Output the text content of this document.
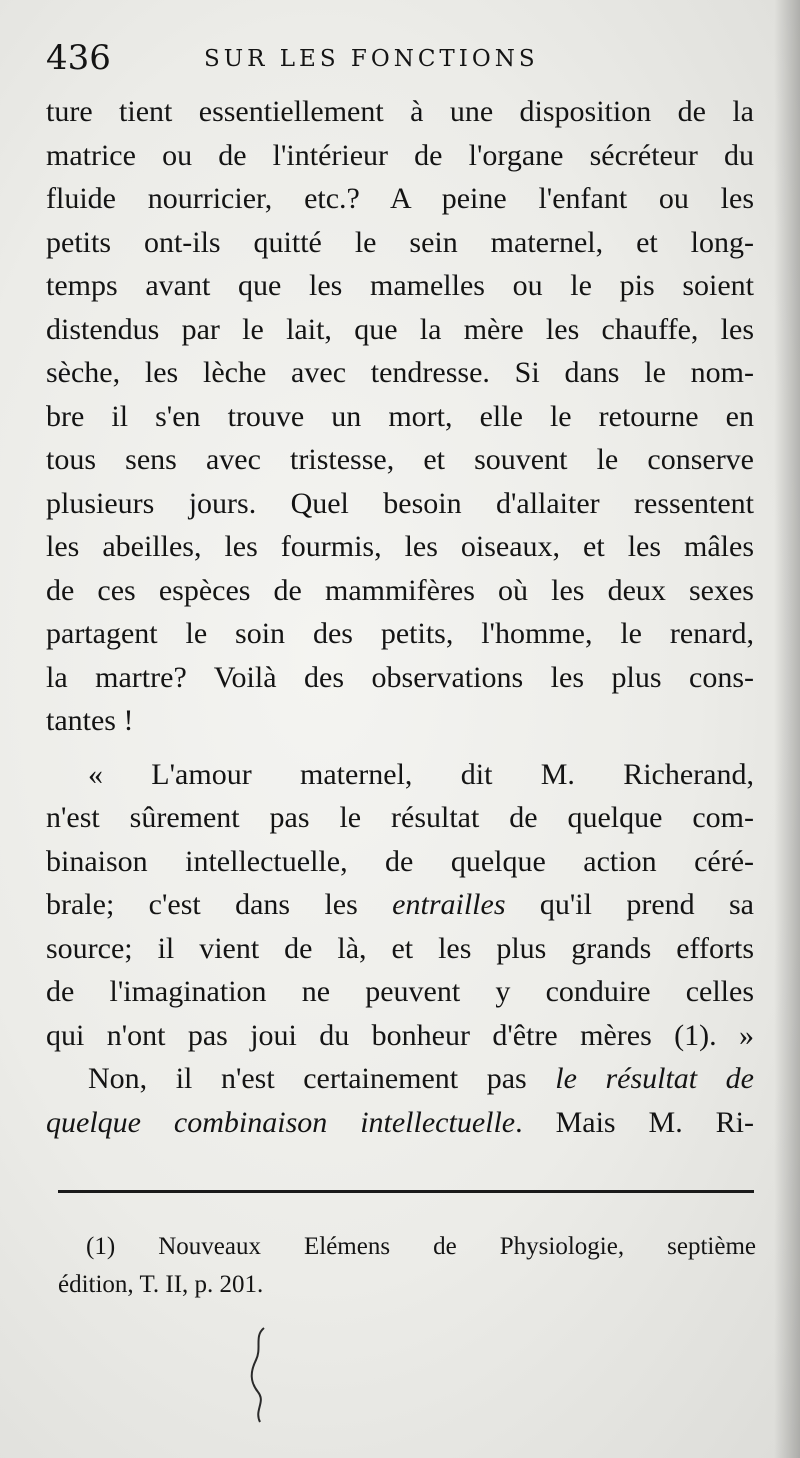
436	SUR LES FONCTIONS
ture tient essentiellement à une disposition de la
matrice ou de l'intérieur de l'organe sécréteur du
fluide nourricier, etc.? A peine l'enfant ou les
petits ont-ils quitté le sein maternel, et long-
temps avant que les mamelles ou le pis soient
distendus par le lait, que la mère les chauffe, les
sèche, les lèche avec tendresse. Si dans le nom-
bre il s'en trouve un mort, elle le retourne en
tous sens avec tristesse, et souvent le conserve
plusieurs jours. Quel besoin d'allaiter ressentent
les abeilles, les fourmis, les oiseaux, et les mâles
de ces espèces de mammifères où les deux sexes
partagent le soin des petits, l'homme, le renard,
la martre? Voilà des observations les plus cons-
tantes !
« L'amour maternel, dit M. Richerand,
n'est sûrement pas le résultat de quelque com-
binaison intellectuelle, de quelque action céré-
brale; c'est dans les entrailles qu'il prend sa
source; il vient de là, et les plus grands efforts
de l'imagination ne peuvent y conduire celles
qui n'ont pas joui du bonheur d'être mères (1). »
Non, il n'est certainement pas le résultat de
quelque combinaison intellectuelle. Mais M. Ri-
(1) Nouveaux Elémens de Physiologie, septième
édition, T. II, p. 201.
